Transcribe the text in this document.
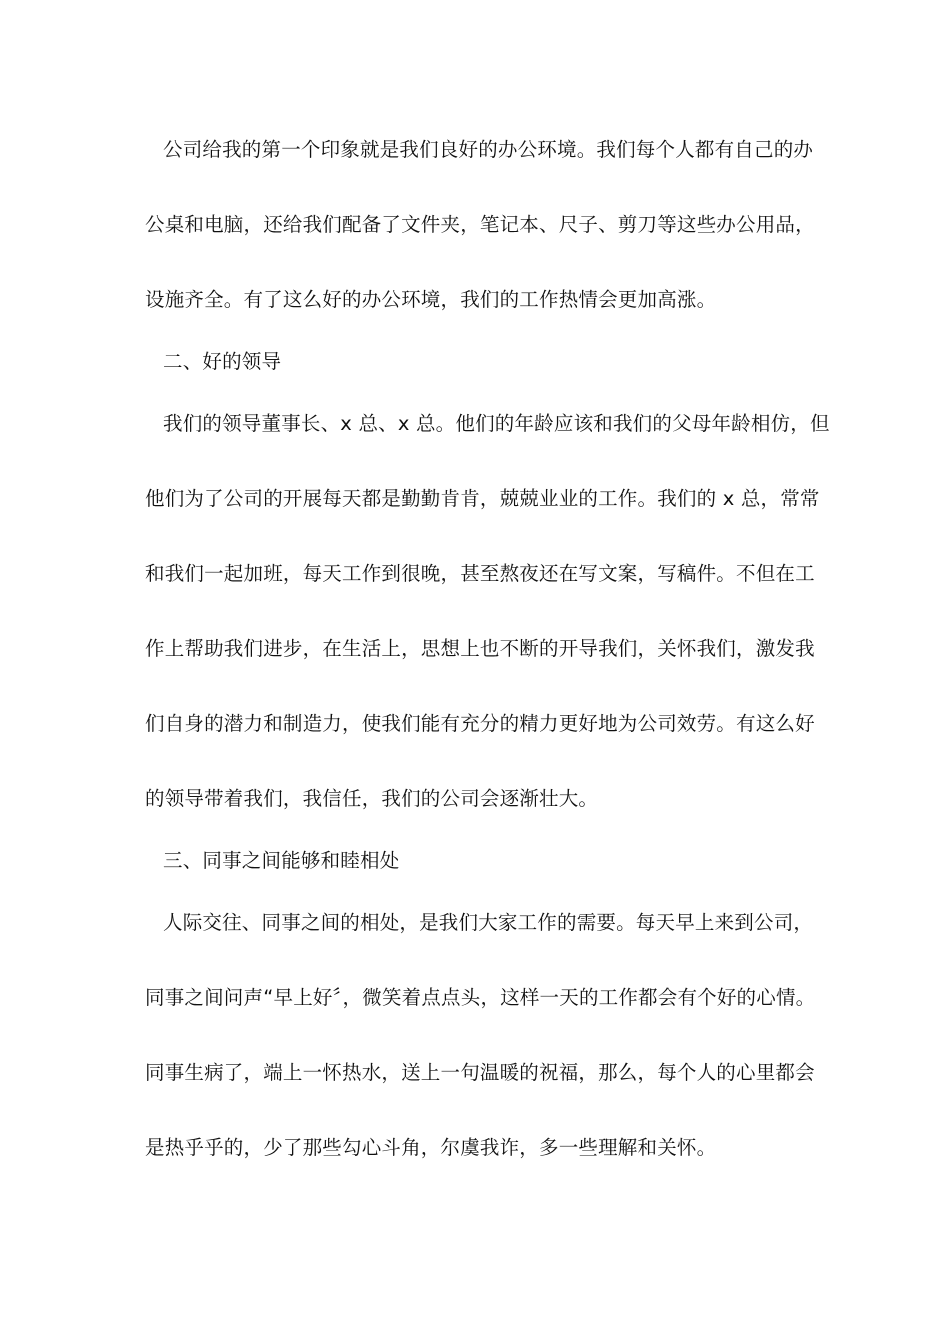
公司给我的第一个印象就是我们良好的办公环境。我们每个人都有自己的办
公桌和电脑，还给我们配备了文件夹，笔记本、尺子、剪刀等这些办公用品，
设施齐全。有了这么好的办公环境，我们的工作热情会更加高涨。
二、好的领导
我们的领导董事长、x 总、x 总。他们的年龄应该和我们的父母年龄相仿，但
他们为了公司的开展每天都是勤勤肯肯，兢兢业业的工作。我们的 x 总，常常
和我们一起加班，每天工作到很晚，甚至熬夜还在写文案，写稿件。不但在工
作上帮助我们进步，在生活上，思想上也不断的开导我们，关怀我们，激发我
们自身的潜力和制造力，使我们能有充分的精力更好地为公司效劳。有这么好
的领导带着我们，我信任，我们的公司会逐渐壮大。
三、同事之间能够和睦相处
人际交往、同事之间的相处，是我们大家工作的需要。每天早上来到公司，
同事之间问声“早上好〞，微笑着点点头，这样一天的工作都会有个好的心情。
同事生病了，端上一怀热水，送上一句温暖的祝福，那么，每个人的心里都会
是热乎乎的，少了那些勾心斗角，尔虞我诈，多一些理解和关怀。
